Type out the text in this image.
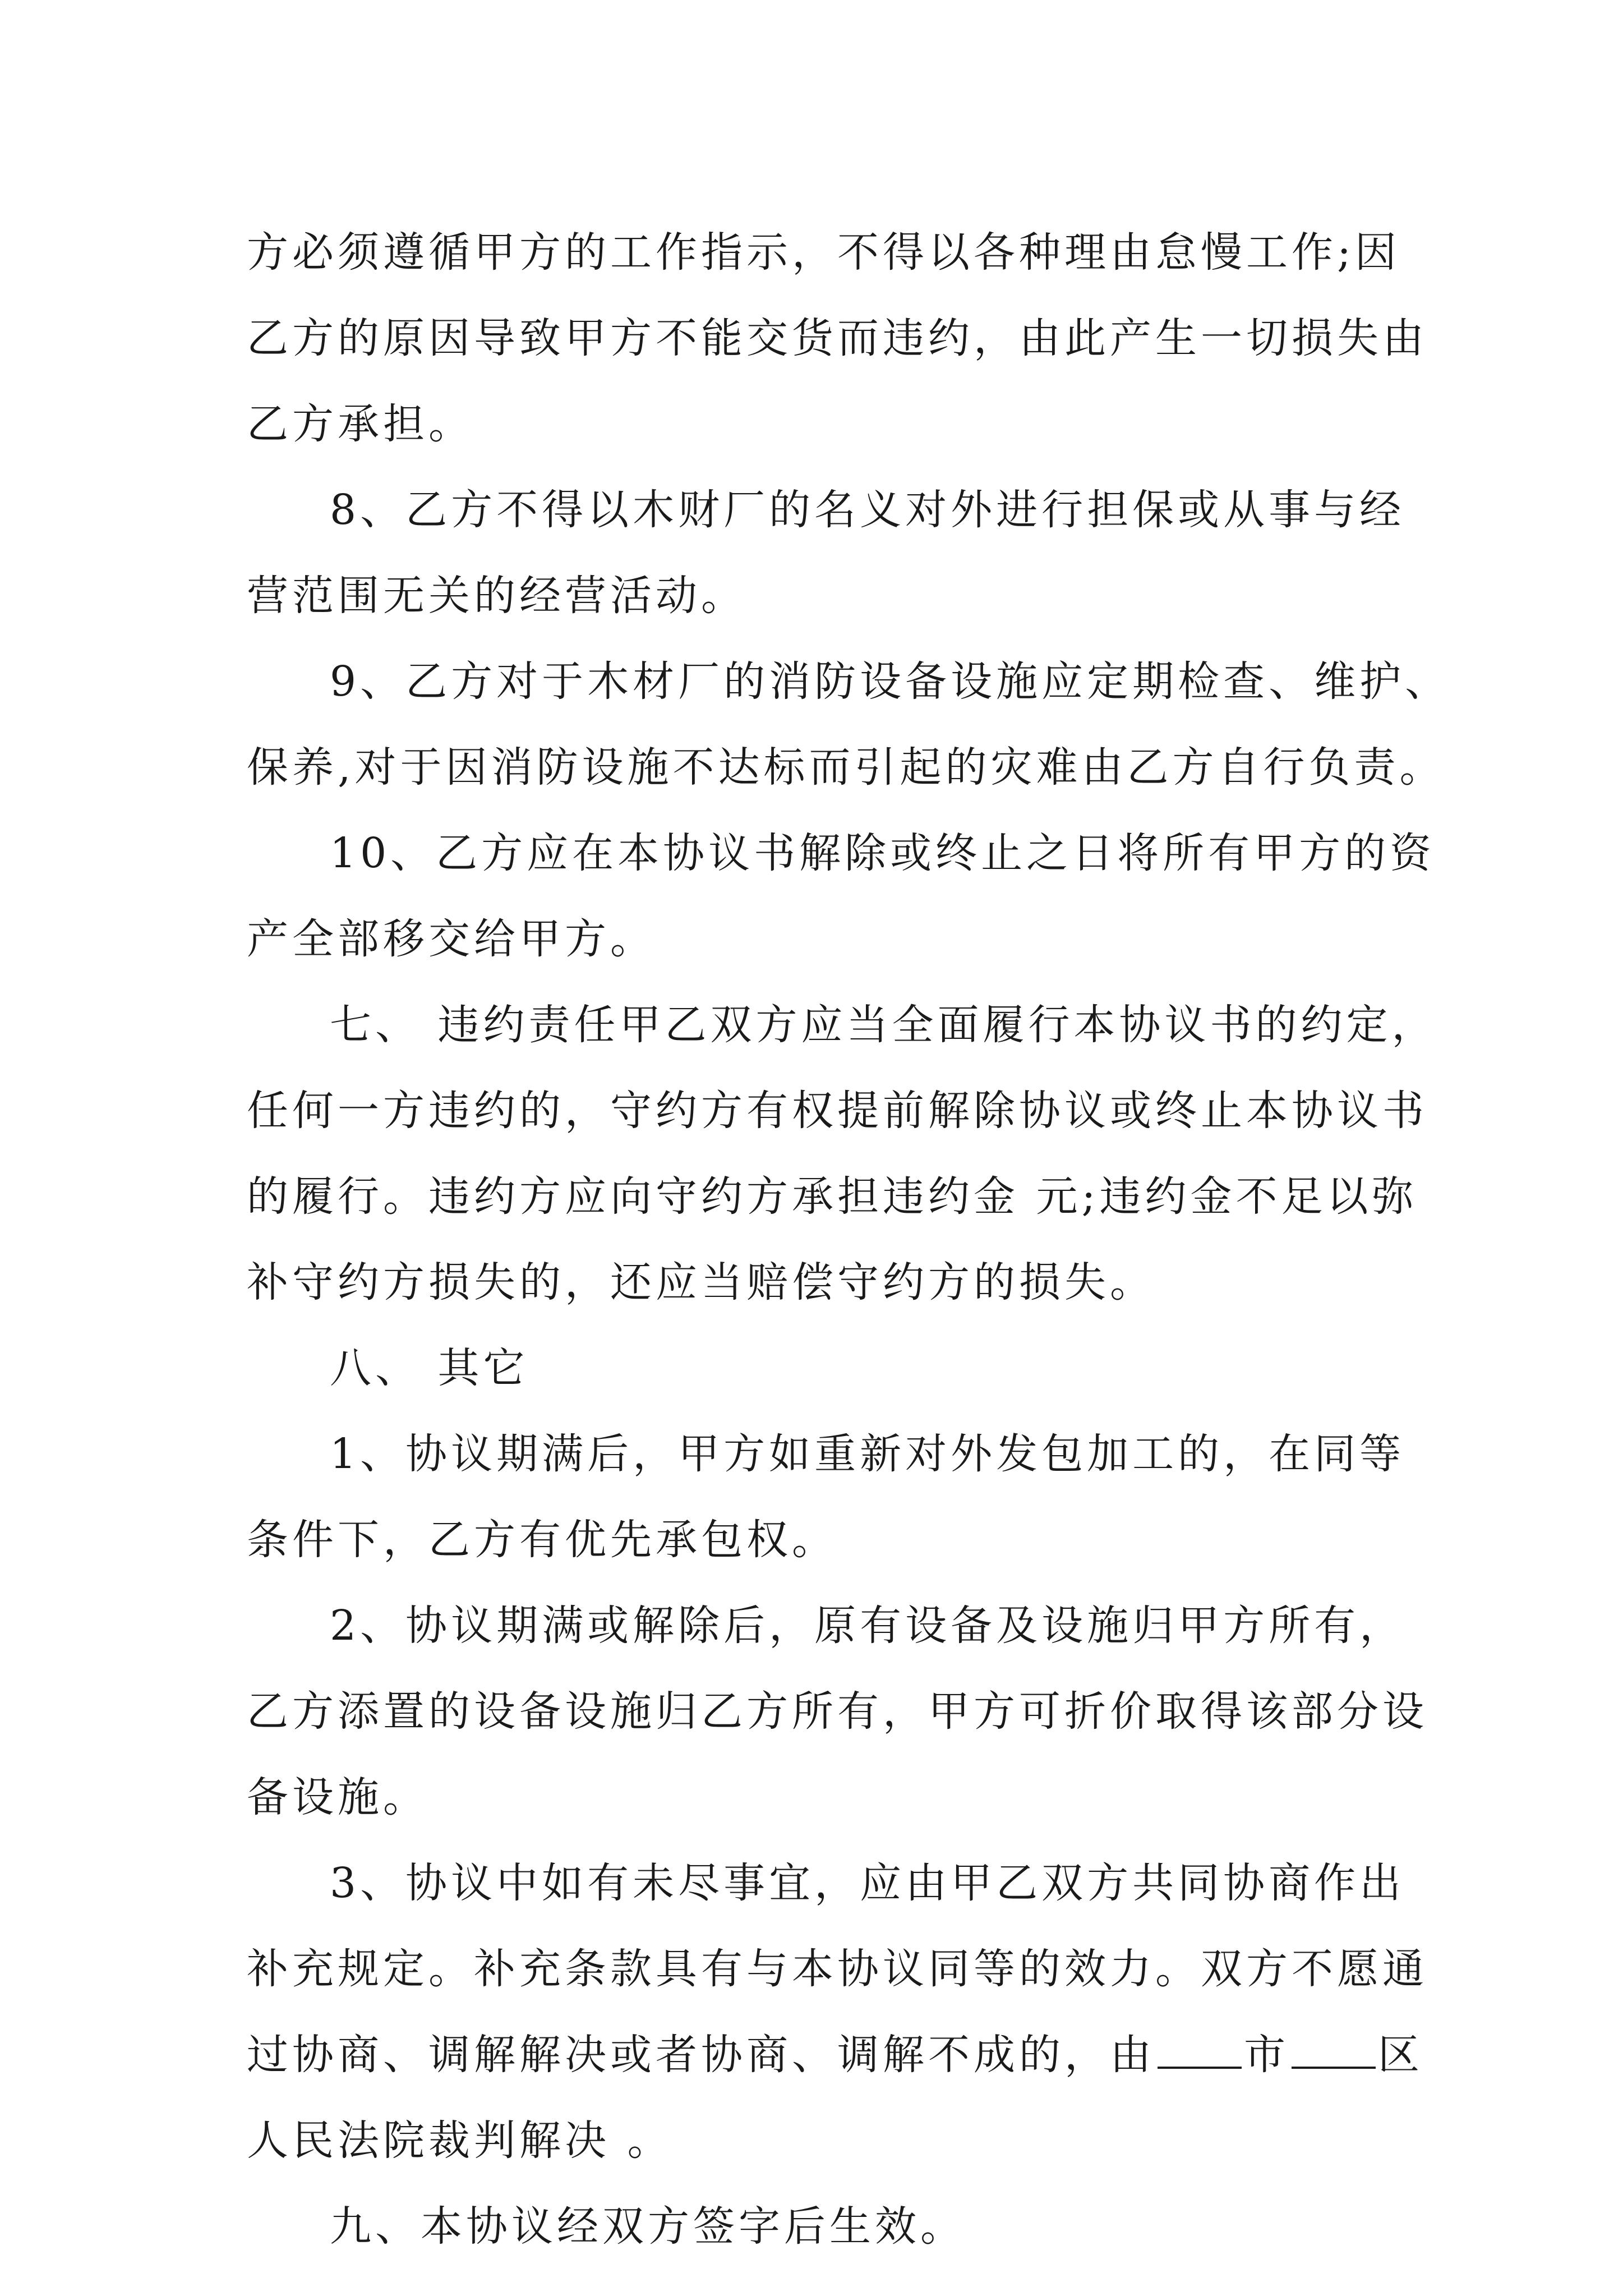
方必须遵循甲方的工作指示，不得以各种理由怠慢工作;因
乙方的原因导致甲方不能交货而违约，由此产生一切损失由
乙方承担。
8、乙方不得以木财厂的名义对外进行担保或从事与经
营范围无关的经营活动。
9、乙方对于木材厂的消防设备设施应定期检查、维护、
保养,对于因消防设施不达标而引起的灾难由乙方自行负责。
10、乙方应在本协议书解除或终止之日将所有甲方的资
产全部移交给甲方。
七、 违约责任甲乙双方应当全面履行本协议书的约定，
任何一方违约的，守约方有权提前解除协议或终止本协议书
的履行。违约方应向守约方承担违约金 元;违约金不足以弥
补守约方损失的，还应当赔偿守约方的损失。
八、 其它
1、协议期满后，甲方如重新对外发包加工的，在同等
条件下，乙方有优先承包权。
2、协议期满或解除后，原有设备及设施归甲方所有，
乙方添置的设备设施归乙方所有，甲方可折价取得该部分设
备设施。
3、协议中如有未尽事宜，应由甲乙双方共同协商作出
补充规定。补充条款具有与本协议同等的效力。双方不愿通
过协商、调解解决或者协商、调解不成的，由 市 区
人民法院裁判解决 。
九、本协议经双方签字后生效。
